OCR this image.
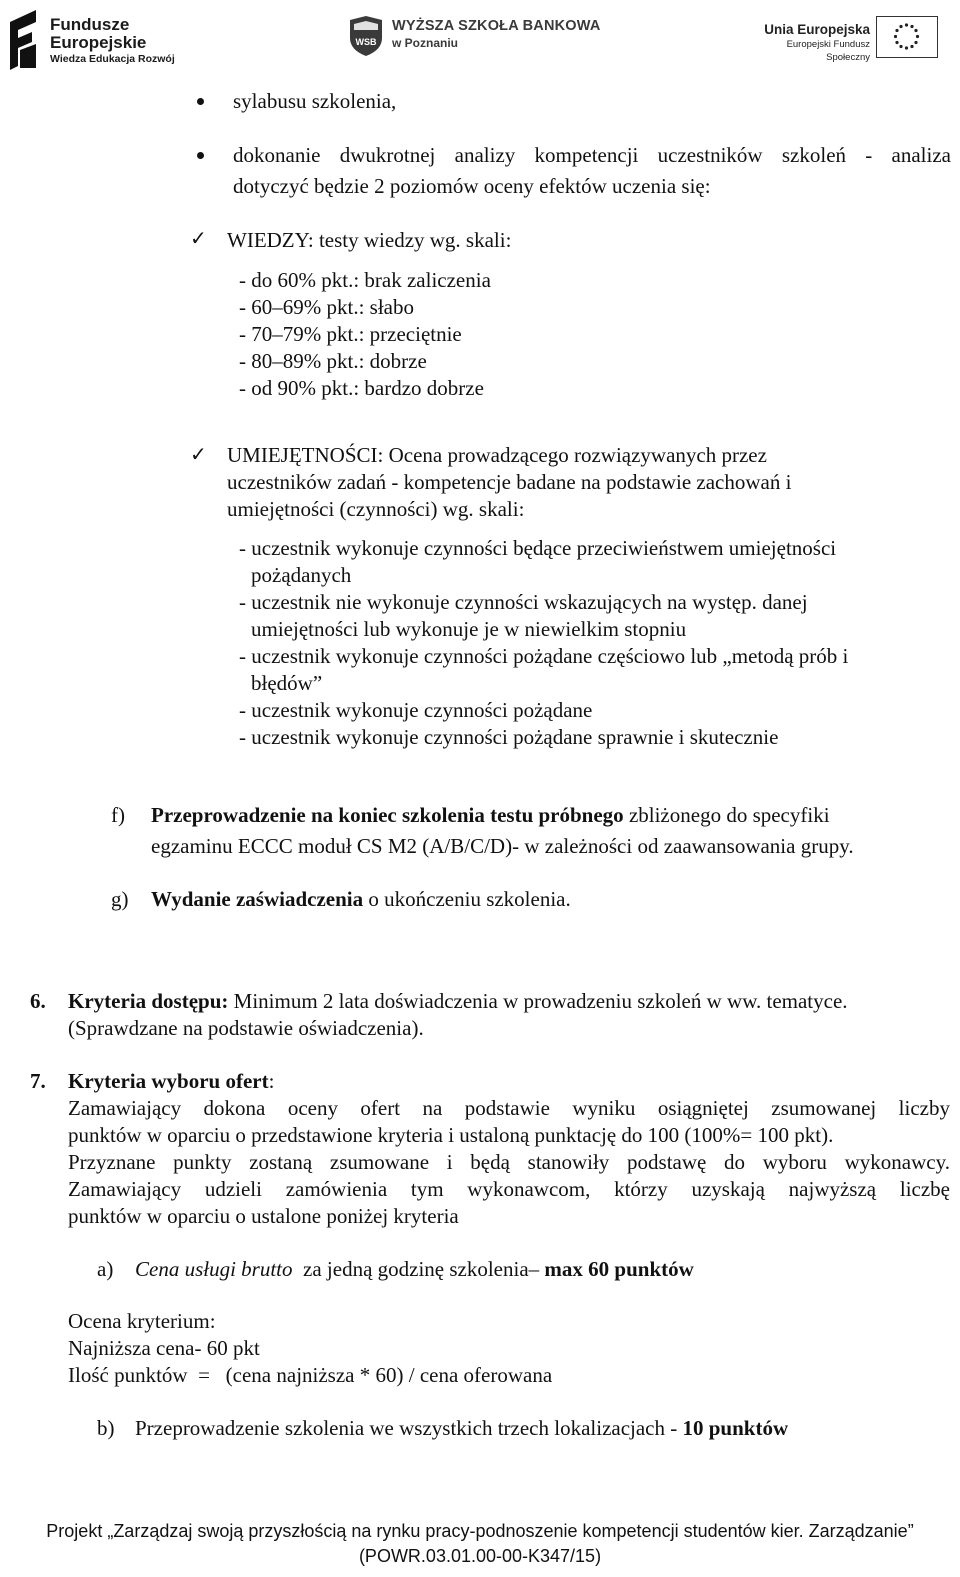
Fundusze
Europejskie
Wiedza Edukacja Rozwój
WSB
WYŻSZA SZKOŁA BANKOWA
w Poznaniu
Unia Europejska
Europejski Fundusz Społeczny
sylabusu szkolenia,
dokonanie dwukrotnej analizy kompetencji uczestników szkoleń - analiza
dotyczyć będzie 2 poziomów oceny efektów uczenia się:
✓ WIEDZY: testy wiedzy wg. skali:
- do 60% pkt.: brak zaliczenia
- 60–69% pkt.: słabo
- 70–79% pkt.: przeciętnie
- 80–89% pkt.: dobrze
- od 90% pkt.: bardzo dobrze
✓ UMIEJĘTNOŚCI: Ocena prowadzącego rozwiązywanych przez
uczestników zadań - kompetencje badane na podstawie zachowań i
umiejętności (czynności) wg. skali:
- uczestnik wykonuje czynności będące przeciwieństwem umiejętności
pożądanych
- uczestnik nie wykonuje czynności wskazujących na występ. danej
umiejętności lub wykonuje je w niewielkim stopniu
- uczestnik wykonuje czynności pożądane częściowo lub „metodą prób i
błędów”
- uczestnik wykonuje czynności pożądane
- uczestnik wykonuje czynności pożądane sprawnie i skutecznie
f) Przeprowadzenie na koniec szkolenia testu próbnego zbliżonego do specyfiki
egzaminu ECCC moduł CS M2 (A/B/C/D)- w zależności od zaawansowania grupy.
g) Wydanie zaświadczenia o ukończeniu szkolenia.
6. Kryteria dostępu: Minimum 2 lata doświadczenia w prowadzeniu szkoleń w ww. tematyce.
(Sprawdzane na podstawie oświadczenia).
7. Kryteria wyboru ofert:
Zamawiający dokona oceny ofert na podstawie wyniku osiągniętej zsumowanej liczby
punktów w oparciu o przedstawione kryteria i ustaloną punktację do 100 (100%= 100 pkt).
Przyznane punkty zostaną zsumowane i będą stanowiły podstawę do wyboru wykonawcy.
Zamawiający udzieli zamówienia tym wykonawcom, którzy uzyskają najwyższą liczbę
punktów w oparciu o ustalone poniżej kryteria
a) Cena usługi brutto  za jedną godzinę szkolenia– max 60 punktów
Ocena kryterium:
Najniższa cena- 60 pkt
Ilość punktów  =   (cena najniższa * 60) / cena oferowana
b) Przeprowadzenie szkolenia we wszystkich trzech lokalizacjach - 10 punktów
Projekt „Zarządzaj swoją przyszłością na rynku pracy-podnoszenie kompetencji studentów kier. Zarządzanie”
(POWR.03.01.00-00-K347/15)
